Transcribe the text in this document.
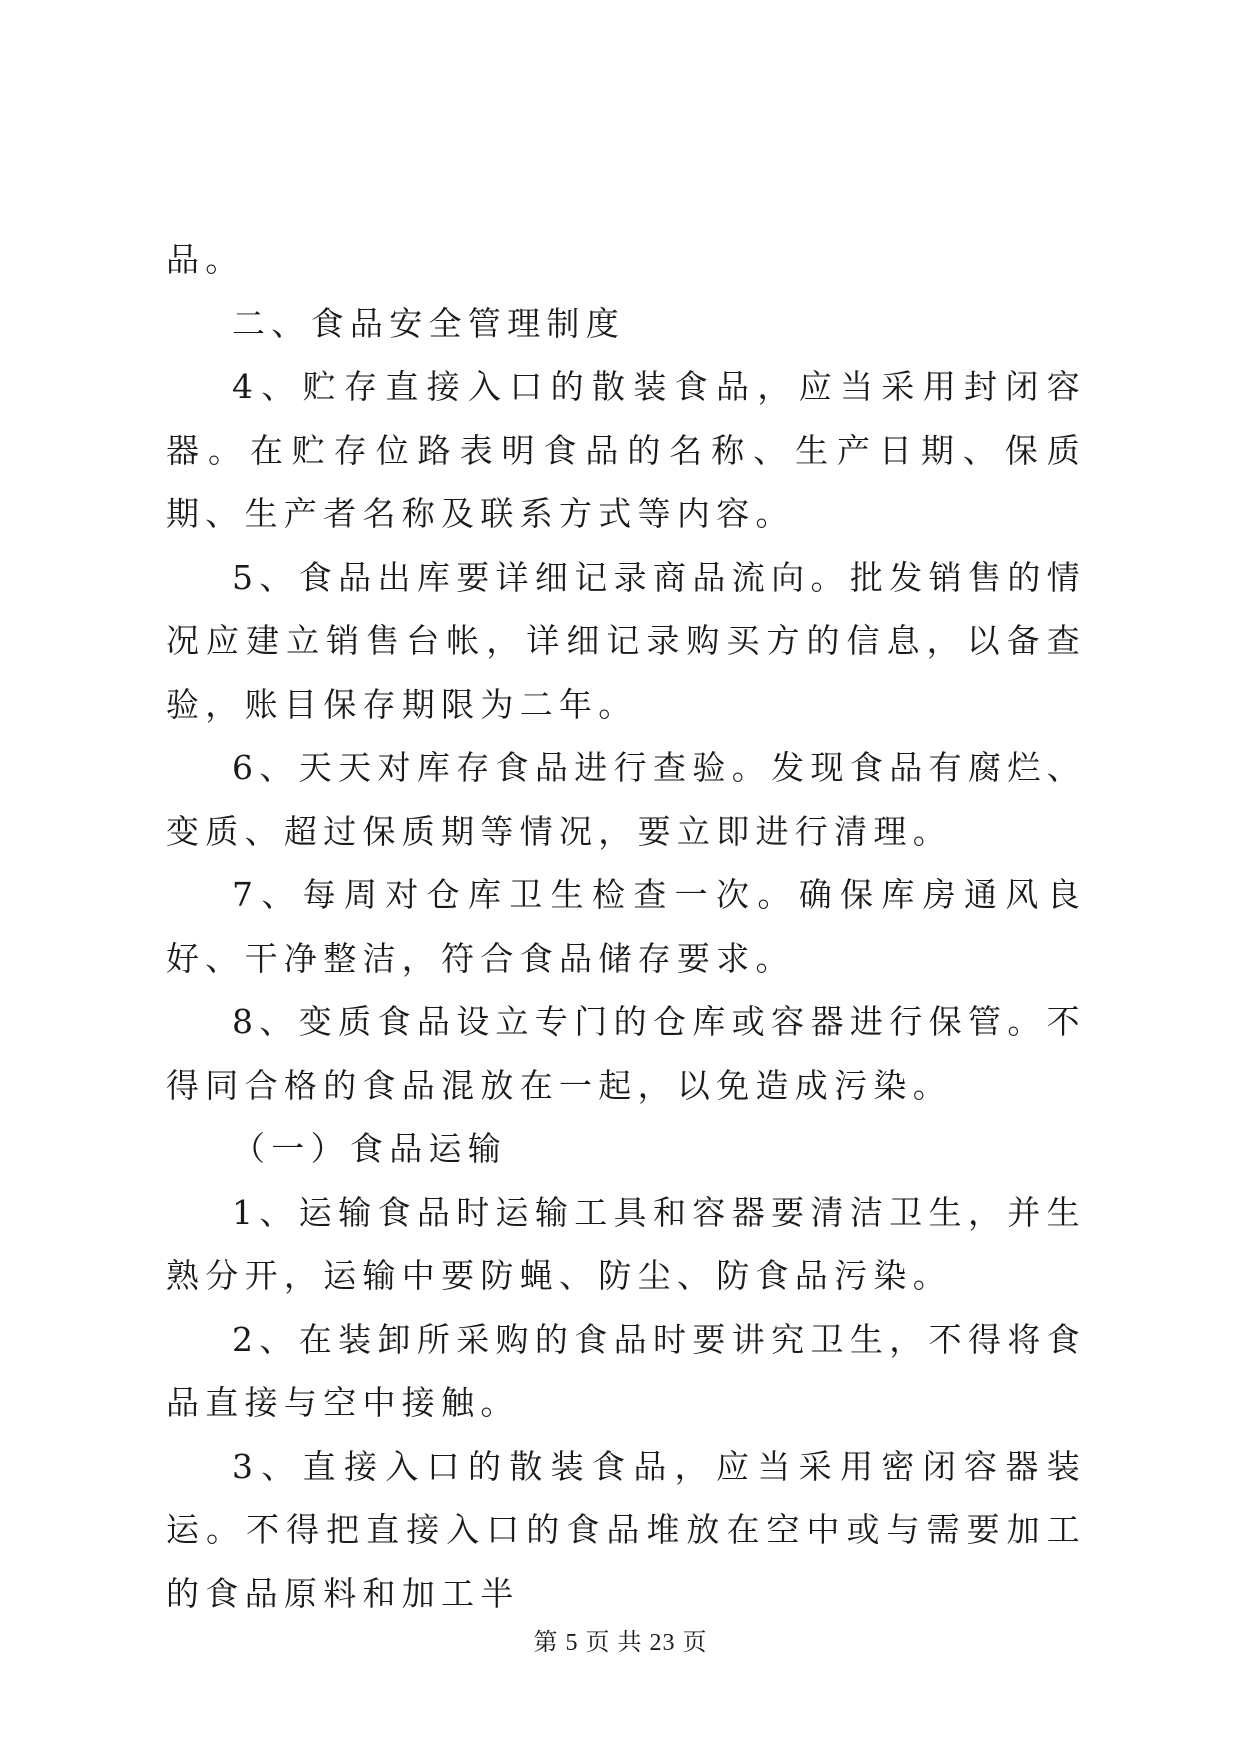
品。

二、食品安全管理制度

4、贮存直接入口的散装食品，应当采用封闭容器。在贮存位路表明食品的名称、生产日期、保质期、生产者名称及联系方式等内容。

5、食品出库要详细记录商品流向。批发销售的情况应建立销售台帐，详细记录购买方的信息，以备查验，账目保存期限为二年。

6、天天对库存食品进行查验。发现食品有腐烂、变质、超过保质期等情况，要立即进行清理。

7、每周对仓库卫生检查一次。确保库房通风良好、干净整洁，符合食品储存要求。

8、变质食品设立专门的仓库或容器进行保管。不得同合格的食品混放在一起，以免造成污染。

（一）食品运输

1、运输食品时运输工具和容器要清洁卫生，并生熟分开，运输中要防蝇、防尘、防食品污染。

2、在装卸所采购的食品时要讲究卫生，不得将食品直接与空中接触。

3、直接入口的散装食品，应当采用密闭容器装运。不得把直接入口的食品堆放在空中或与需要加工的食品原料和加工半

第 5 页 共 23 页
